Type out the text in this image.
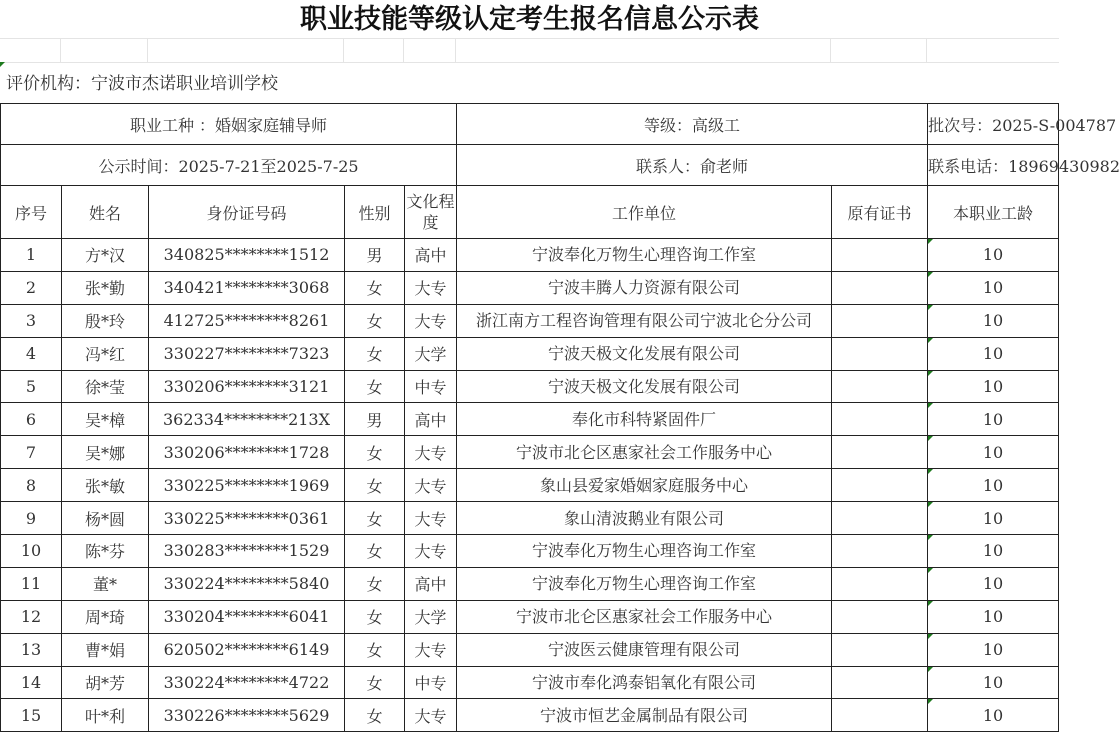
职业技能等级认定考生报名信息公示表
评价机构：宁波市杰诺职业培训学校
职业工种 ：婚姻家庭辅导师					等级：高级工		批次号：2025-S-004787
公示时间：2025-7-21至2025-7-25					联系人：俞老师		联系电话：18969430982
序号	姓名	身份证号码	性别	文化程度	工作单位	原有证书	本职业工龄
1	方*汉	340825********1512	男	高中	宁波奉化万物生心理咨询工作室		10

2	张*勤	340421********3068	女	大专	宁波丰腾人力资源有限公司		10

3	殷*玲	412725********8261	女	大专	浙江南方工程咨询管理有限公司宁波北仑分公司		10

4	冯*红	330227********7323	女	大学	宁波天极文化发展有限公司		10

5	徐*莹	330206********3121	女	中专	宁波天极文化发展有限公司		10

6	吴*樟	362334********213X	男	高中	奉化市科特紧固件厂		10

7	吴*娜	330206********1728	女	大专	宁波市北仑区惠家社会工作服务中心		10

8	张*敏	330225********1969	女	大专	象山县爱家婚姻家庭服务中心		10

9	杨*圆	330225********0361	女	大专	象山清波鹅业有限公司		10

10	陈*芬	330283********1529	女	大专	宁波奉化万物生心理咨询工作室		10

11	董*	330224********5840	女	高中	宁波奉化万物生心理咨询工作室		10

12	周*琦	330204********6041	女	大学	宁波市北仑区惠家社会工作服务中心		10

13	曹*娟	620502********6149	女	大专	宁波医云健康管理有限公司		10

14	胡*芳	330224********4722	女	中专	宁波市奉化鸿泰铝氧化有限公司		10

15	叶*利	330226********5629	女	大专	宁波市恒艺金属制品有限公司		10
